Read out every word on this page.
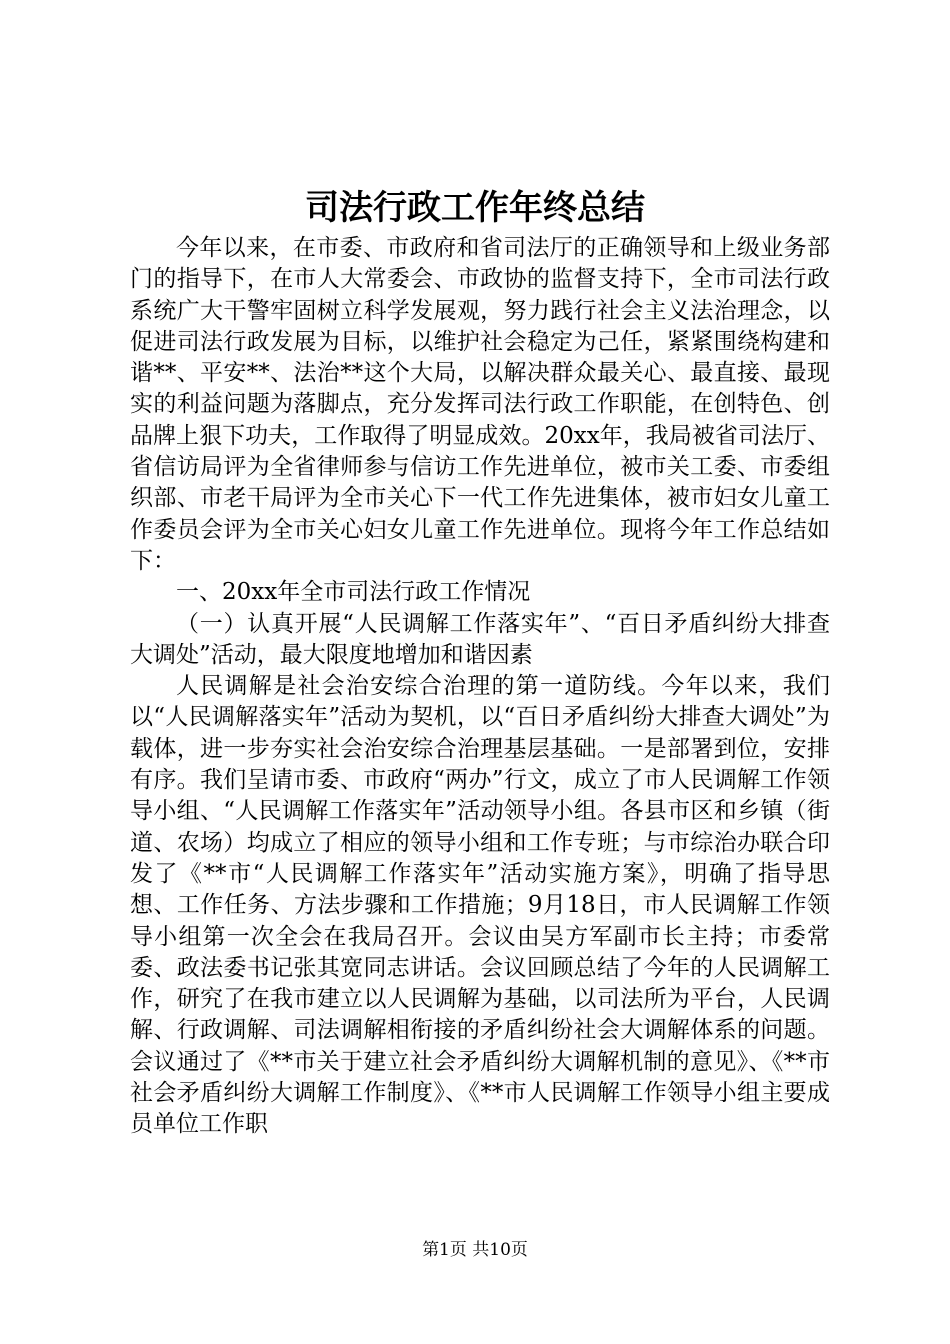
司法行政工作年终总结

今年以来，在市委、市政府和省司法厅的正确领导和上级业务部门的指导下，在市人大常委会、市政协的监督支持下，全市司法行政系统广大干警牢固树立科学发展观，努力践行社会主义法治理念，以促进司法行政发展为目标，以维护社会稳定为己任，紧紧围绕构建和谐**、平安**、法治**这个大局，以解决群众最关心、最直接、最现实的利益问题为落脚点，充分发挥司法行政工作职能，在创特色、创品牌上狠下功夫，工作取得了明显成效。20xx年，我局被省司法厅、省信访局评为全省律师参与信访工作先进单位，被市关工委、市委组织部、市老干局评为全市关心下一代工作先进集体，被市妇女儿童工作委员会评为全市关心妇女儿童工作先进单位。现将今年工作总结如下：

一、20xx年全市司法行政工作情况

（一）认真开展“人民调解工作落实年”、“百日矛盾纠纷大排查大调处”活动，最大限度地增加和谐因素

人民调解是社会治安综合治理的第一道防线。今年以来，我们以“人民调解落实年”活动为契机，以“百日矛盾纠纷大排查大调处”为载体，进一步夯实社会治安综合治理基层基础。一是部署到位，安排有序。我们呈请市委、市政府“两办”行文，成立了市人民调解工作领导小组、“人民调解工作落实年”活动领导小组。各县市区和乡镇（街道、农场）均成立了相应的领导小组和工作专班；与市综治办联合印发了《**市“人民调解工作落实年”活动实施方案》，明确了指导思想、工作任务、方法步骤和工作措施；9月18日，市人民调解工作领导小组第一次全会在我局召开。会议由吴方军副市长主持；市委常委、政法委书记张其宽同志讲话。会议回顾总结了今年的人民调解工作，研究了在我市建立以人民调解为基础，以司法所为平台，人民调解、行政调解、司法调解相衔接的矛盾纠纷社会大调解体系的问题。会议通过了《**市关于建立社会矛盾纠纷大调解机制的意见》、《**市社会矛盾纠纷大调解工作制度》、《**市人民调解工作领导小组主要成员单位工作职

第1页 共10页
